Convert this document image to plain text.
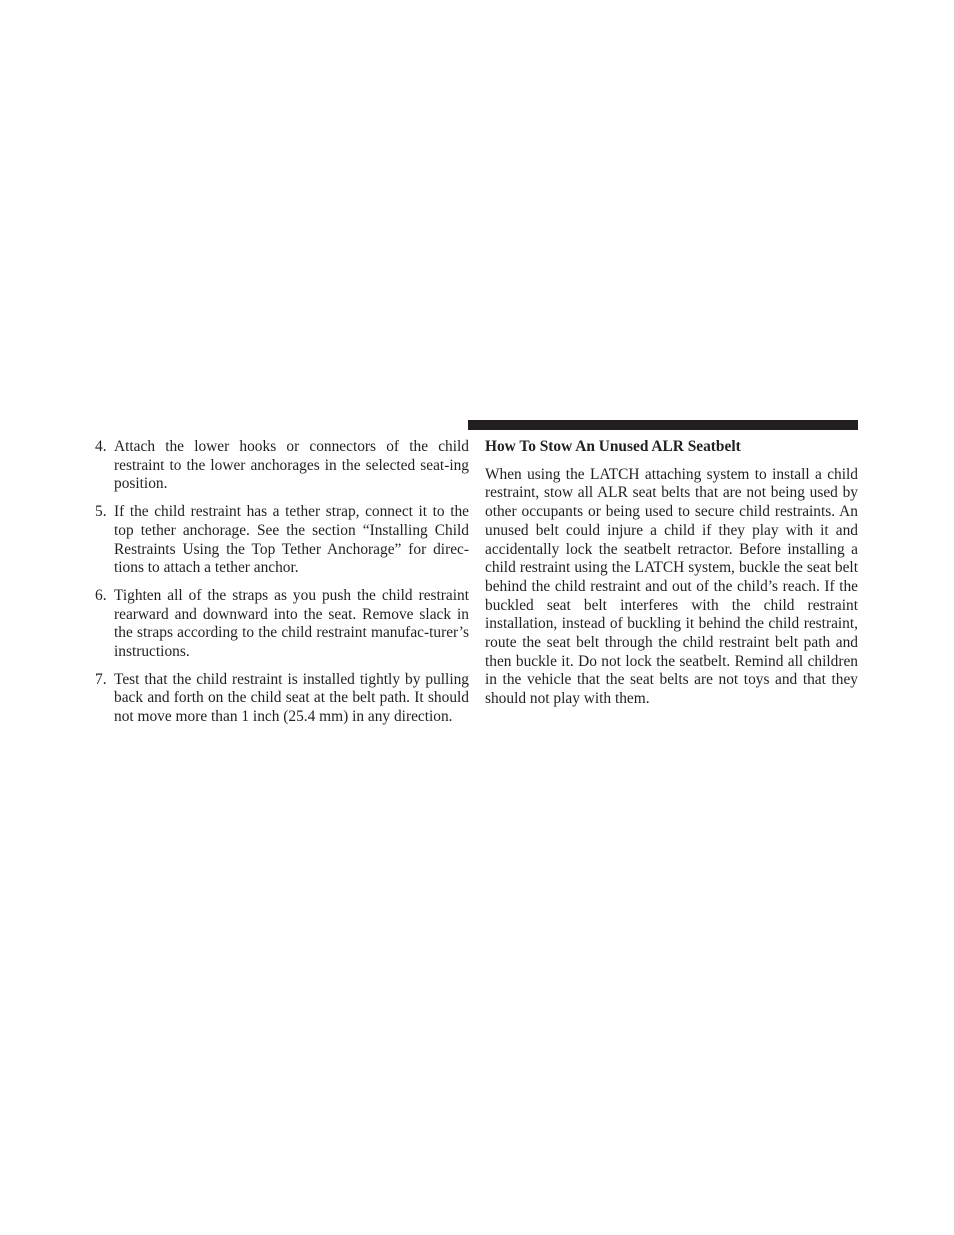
4. Attach the lower hooks or connectors of the child restraint to the lower anchorages in the selected seat-ing position.
5. If the child restraint has a tether strap, connect it to the top tether anchorage. See the section “Installing Child Restraints Using the Top Tether Anchorage” for direc-tions to attach a tether anchor.
6. Tighten all of the straps as you push the child restraint rearward and downward into the seat. Remove slack in the straps according to the child restraint manufac-turer’s instructions.
7. Test that the child restraint is installed tightly by pulling back and forth on the child seat at the belt path. It should not move more than 1 inch (25.4 mm) in any direction.
How To Stow An Unused ALR Seatbelt

When using the LATCH attaching system to install a child restraint, stow all ALR seat belts that are not being used by other occupants or being used to secure child restraints. An unused belt could injure a child if they play with it and accidentally lock the seatbelt retractor. Before installing a child restraint using the LATCH system, buckle the seat belt behind the child restraint and out of the child’s reach. If the buckled seat belt interferes with the child restraint installation, instead of buckling it behind the child restraint, route the seat belt through the child restraint belt path and then buckle it. Do not lock the seatbelt. Remind all children in the vehicle that the seat belts are not toys and that they should not play with them.
